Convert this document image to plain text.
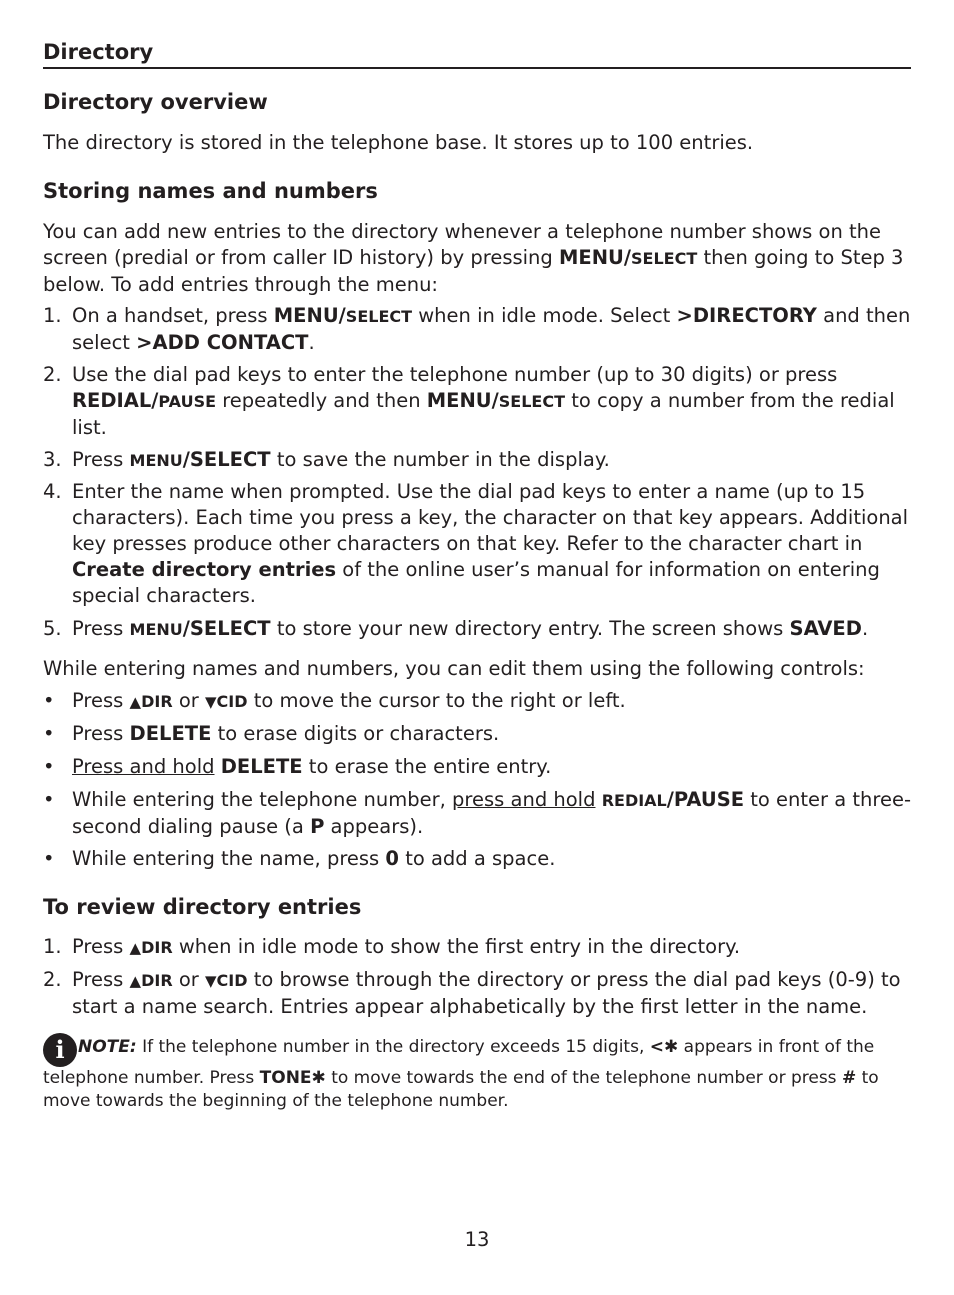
Directory
Directory overview

The directory is stored in the telephone base. It stores up to 100 entries.

Storing names and numbers

You can add new entries to the directory whenever a telephone number shows on the screen (predial or from caller ID history) by pressing MENU/SELECT then going to Step 3 below. To add entries through the menu:

1. On a handset, press MENU/SELECT when in idle mode. Select >DIRECTORY and then select >ADD CONTACT.
2. Use the dial pad keys to enter the telephone number (up to 30 digits) or press REDIAL/PAUSE repeatedly and then MENU/SELECT to copy a number from the redial list.
3. Press MENU/SELECT to save the number in the display.
4. Enter the name when prompted. Use the dial pad keys to enter a name (up to 15 characters). Each time you press a key, the character on that key appears. Additional key presses produce other characters on that key. Refer to the character chart in Create directory entries of the online user’s manual for information on entering special characters.
5. Press MENU/SELECT to store your new directory entry. The screen shows SAVED.

While entering names and numbers, you can edit them using the following controls:

• Press ▲DIR or ▼CID to move the cursor to the right or left.
• Press DELETE to erase digits or characters.
• Press and hold DELETE to erase the entire entry.
• While entering the telephone number, press and hold REDIAL/PAUSE to enter a three-second dialing pause (a P appears).
• While entering the name, press 0 to add a space.
To review directory entries
1. Press ▲DIR when in idle mode to show the first entry in the directory.
2. Press ▲DIR or ▼CID to browse through the directory or press the dial pad keys (0-9) to start a name search. Entries appear alphabetically by the first letter in the name.
i NOTE: If the telephone number in the directory exceeds 15 digits, <✱ appears in front of the telephone number. Press TONE✱ to move towards the end of the telephone number or press # to move towards the beginning of the telephone number.
13
